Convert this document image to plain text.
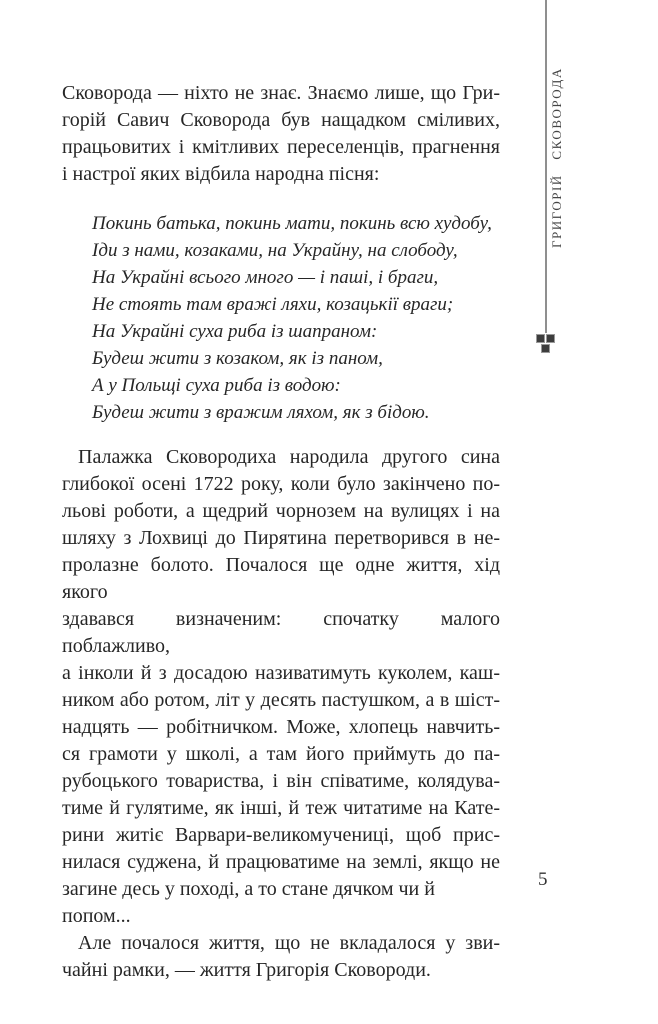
ГРИГОРІЙ СКОВОРОДА
Сковорода — ніхто не знає. Знаємо лише, що Гри-
горій Савич Сковорода був нащадком сміливих,
працьовитих і кмітливих переселенців, прагнення
і настрої яких відбила народна пісня:
Покинь батька, покинь мати, покинь всю худобу,
Іди з нами, козаками, на Украйну, на слободу,
На Украйні всього много — і паші, і браги,
Не стоять там вражі ляхи, козацькії враги;
На Украйні суха риба із шапраном:
Будеш жити з козаком, як із паном,
А у Польщі суха риба із водою:
Будеш жити з вражим ляхом, як з бідою.
Палажка Сковородиха народила другого сина
глибокої осені 1722 року, коли було закінчено по-
льові роботи, а щедрий чорнозем на вулицях і на
шляху з Лохвиці до Пирятина перетворився в не-
пролазне болото. Почалося ще одне життя, хід якого
здавався визначеним: спочатку малого поблажливо,
а інколи й з досадою називатимуть куколем, каш-
ником або ротом, літ у десять пастушком, а в шіст-
надцять — робітничком. Може, хлопець навчить-
ся грамоти у школі, а там його приймуть до па-
рубоцького товариства, і він співатиме, колядува-
тиме й гулятиме, як інші, й теж читатиме на Кате-
рини житіє Варвари-великомучениці, щоб прис-
нилася суджена, й працюватиме на землі, якщо не
загине десь у поході, а то стане дячком чи й попом...
Але почалося життя, що не вкладалося у зви-
чайні рамки, — життя Григорія Сковороди.
5
